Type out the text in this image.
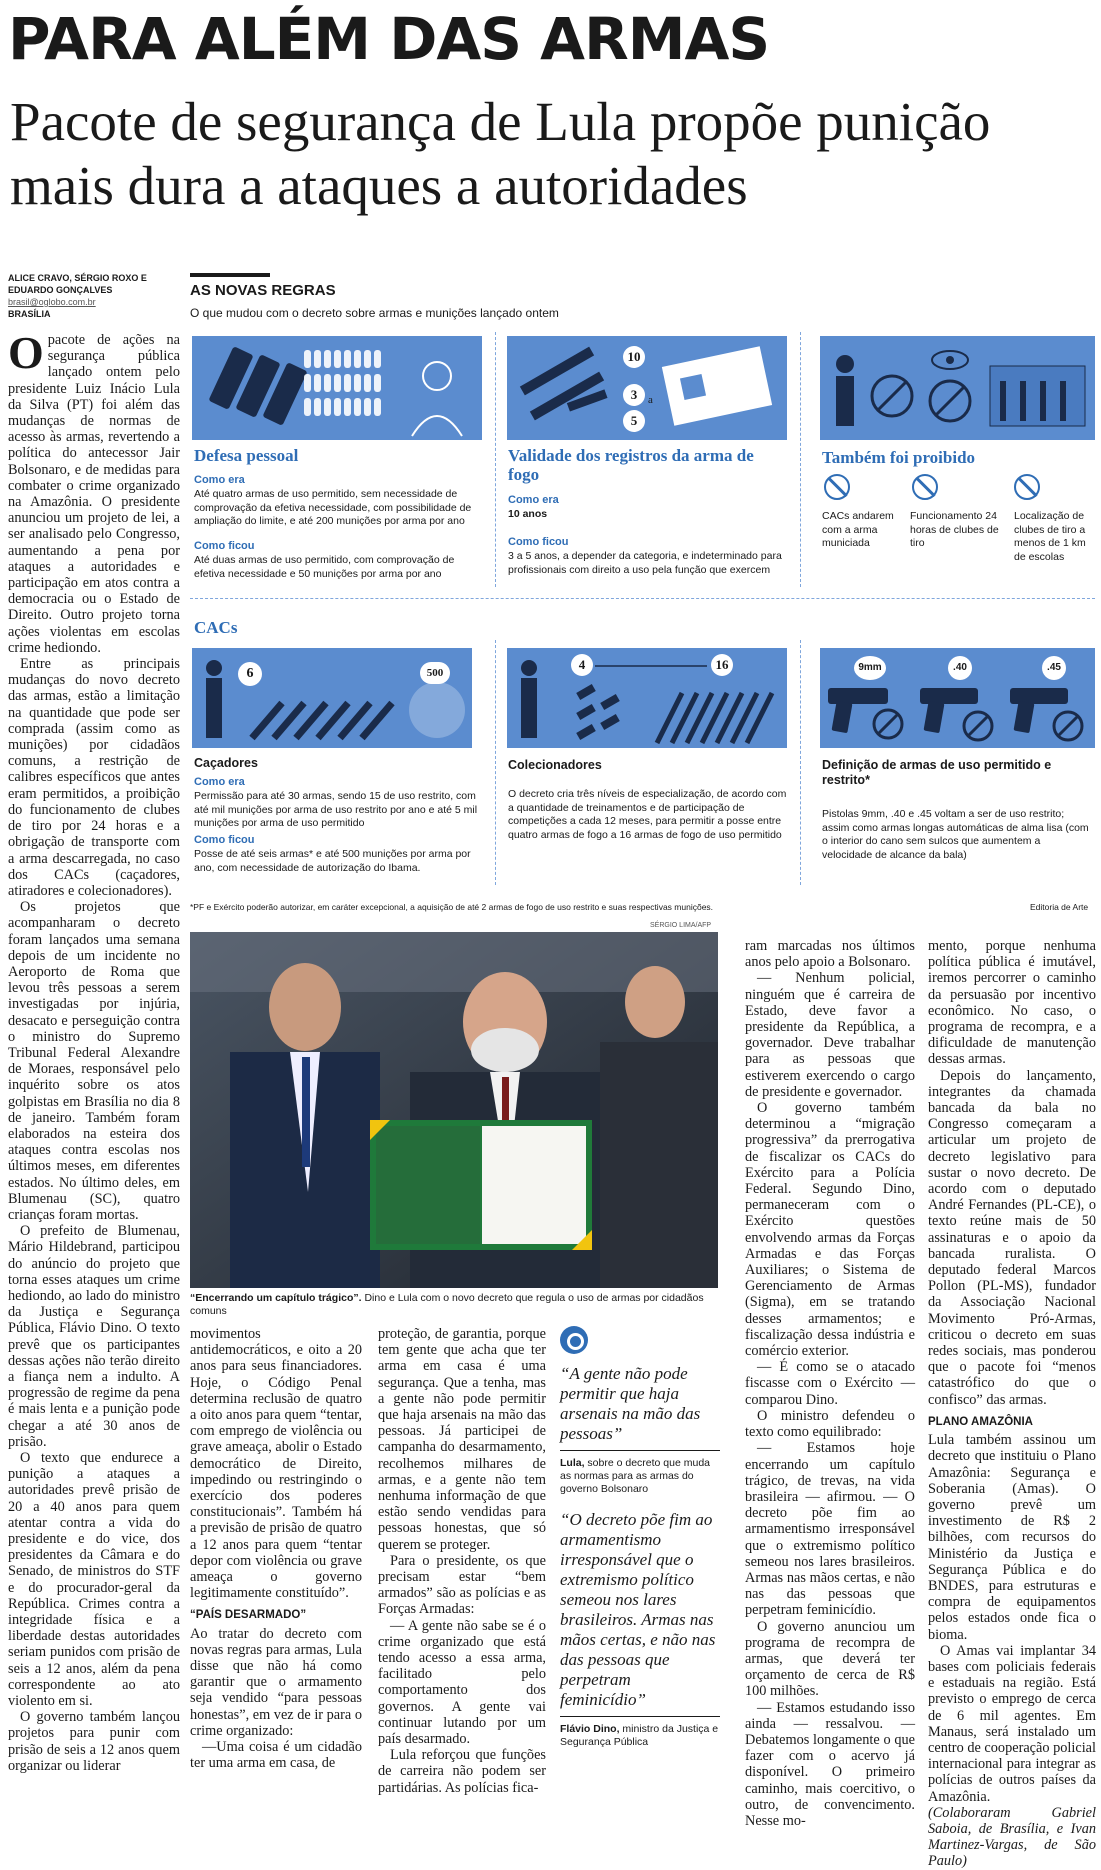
PARA ALÉM DAS ARMAS
Pacote de segurança de Lula propõe punição mais dura a ataques a autoridades
ALICE CRAVO, SÉRGIO ROXO E EDUARDO GONÇALVES
brasil@oglobo.com.br
BRASÍLIA

O pacote de ações na segurança pública lançado ontem pelo presidente Luiz Inácio Lula da Silva (PT) foi além das mudanças de normas de acesso às armas, revertendo a política do antecessor Jair Bolsonaro, e de medidas para combater o crime organizado na Amazônia. O presidente anunciou um projeto de lei, a ser analisado pelo Congresso, aumentando a pena por ataques a autoridades e participação em atos contra a democracia ou o Estado de Direito. Outro projeto torna ações violentas em escolas crime hediondo.

Entre as principais mudanças do novo decreto das armas, estão a limitação na quantidade que pode ser comprada (assim como as munições) por cidadãos comuns, a restrição de calibres específicos que antes eram permitidos, a proibição do funcionamento de clubes de tiro por 24 horas e a obrigação de transporte com a arma descarregada, no caso dos CACs (caçadores, atiradores e colecionadores).

Os projetos que acompanharam o decreto foram lançados uma semana depois de um incidente no Aeroporto de Roma que levou três pessoas a serem investigadas por injúria, desacato e perseguição contra o ministro do Supremo Tribunal Federal Alexandre de Moraes, responsável pelo inquérito sobre os atos golpistas em Brasília no dia 8 de janeiro. Também foram elaborados na esteira dos ataques contra escolas nos últimos meses, em diferentes estados. No último deles, em Blumenau (SC), quatro crianças foram mortas.

O prefeito de Blumenau, Mário Hildebrand, participou do anúncio do projeto que torna esses ataques um crime hediondo, ao lado do ministro da Justiça e Segurança Pública, Flávio Dino. O texto prevê que os participantes dessas ações não terão direito a fiança nem a indulto. A progressão de regime da pena é mais lenta e a punição pode chegar a até 30 anos de prisão.

O texto que endurece a punição a ataques a autoridades prevê prisão de 20 a 40 anos para quem atentar contra a vida do presidente e do vice, dos presidentes da Câmara e do Senado, de ministros do STF e do procurador-geral da República. Crimes contra a integridade física e a liberdade destas autoridades seriam punidos com prisão de seis a 12 anos, além da pena correspondente ao ato violento em si.

O governo também lançou projetos para punir com prisão de seis a 12 anos quem organizar ou liderar

AS NOVAS REGRAS
O que mudou com o decreto sobre armas e munições lançado ontem
Defesa pessoal
Como era
Até quatro armas de uso permitido, sem necessidade de comprovação da efetiva necessidade, com possibilidade de ampliação do limite, e até 200 munições por arma por ano
Como ficou
Até duas armas de uso permitido, com comprovação de efetiva necessidade e 50 munições por arma por ano
10
3 a
5
Validade dos registros da arma de fogo
Como era
10 anos
Como ficou
3 a 5 anos, a depender da categoria, e indeterminado para profissionais com direito a uso pela função que exercem
Também foi proibido
CACs andarem com a arma municiada
Funcionamento 24 horas de clubes de tiro
Localização de clubes de tiro a menos de 1 km de escolas
CACs
6	500
Caçadores
Como era
Permissão para até 30 armas, sendo 15 de uso restrito, com até mil munições por arma de uso restrito por ano e até 5 mil munições por arma de uso permitido
Como ficou
Posse de até seis armas* e até 500 munições por arma por ano, com necessidade de autorização do Ibama.
4	16
Colecionadores
O decreto cria três níveis de especialização, de acordo com a quantidade de treinamentos e de participação de competições a cada 12 meses, para permitir a posse entre quatro armas de fogo a 16 armas de fogo de uso permitido
9mm	.40	.45
Definição de armas de uso permitido e restrito*
Pistolas 9mm, .40 e .45 voltam a ser de uso restrito; assim como armas longas automáticas de alma lisa (com o interior do cano sem sulcos que aumentem a velocidade de alcance da bala)
*PF e Exército poderão autorizar, em caráter excepcional, a aquisição de até 2 armas de fogo de uso restrito e suas respectivas munições.	Editoria de Arte
SÉRGIO LIMA/AFP
“Encerrando um capítulo trágico”. Dino e Lula com o novo decreto que regula o uso de armas por cidadãos comuns

movimentos antidemocráticos, e oito a 20 anos para seus financiadores. Hoje, o Código Penal determina reclusão de quatro a oito anos para quem “tentar, com emprego de violência ou grave ameaça, abolir o Estado democrático de Direito, impedindo ou restringindo o exercício dos poderes constitucionais”. Também há a previsão de prisão de quatro a 12 anos para quem “tentar depor com violência ou grave ameaça o governo legitimamente constituído”.

“PAÍS DESARMADO”

Ao tratar do decreto com novas regras para armas, Lula disse que não há como garantir que o armamento seja vendido “para pessoas honestas”, em vez de ir para o crime organizado:

—Uma coisa é um cidadão ter uma arma em casa, de

proteção, de garantia, porque tem gente que acha que ter arma em casa é uma segurança. Que a tenha, mas a gente não pode permitir que haja arsenais na mão das pessoas. Já participei de campanha do desarmamento, recolhemos milhares de armas, e a gente não tem nenhuma informação de que estão sendo vendidas para pessoas honestas, que só querem se proteger.

Para o presidente, os que precisam estar “bem armados” são as polícias e as Forças Armadas:

— A gente não sabe se é o crime organizado que está tendo acesso a essa arma, facilitado pelo comportamento dos governos. A gente vai continuar lutando por um país desarmado.

Lula reforçou que funções de carreira não podem ser partidárias. As polícias fica-

“A gente não pode permitir que haja arsenais na mão das pessoas”

Lula, sobre o decreto que muda as normas para as armas do governo Bolsonaro

“O decreto põe fim ao armamentismo irresponsável que o extremismo político semeou nos lares brasileiros. Armas nas mãos certas, e não nas das pessoas que perpetram feminicídio”

Flávio Dino, ministro da Justiça e Segurança Pública

ram marcadas nos últimos anos pelo apoio a Bolsonaro.

— Nenhum policial, ninguém que é carreira de Estado, deve favor a presidente da República, a governador. Deve trabalhar para as pessoas que estiverem exercendo o cargo de presidente e governador.

O governo também determinou a “migração progressiva” da prerrogativa de fiscalizar os CACs do Exército para a Polícia Federal. Segundo Dino, permaneceram com o Exército questões envolvendo armas da Forças Armadas e das Forças Auxiliares; o Sistema de Gerenciamento de Armas (Sigma), em se tratando desses armamentos; e fiscalização dessa indústria e comércio exterior.

— É como se o atacado fiscasse com o Exército — comparou Dino.

O ministro defendeu o texto como equilibrado:

— Estamos hoje encerrando um capítulo trágico, de trevas, na vida brasileira — afirmou. — O decreto põe fim ao armamentismo irresponsável que o extremismo político semeou nos lares brasileiros. Armas nas mãos certas, e não nas das pessoas que perpetram feminicídio.

O governo anunciou um programa de recompra de armas, que deverá ter orçamento de cerca de R$ 100 milhões.

— Estamos estudando isso ainda — ressalvou. — Debatemos longamente o que fazer com o acervo já disponível. O primeiro caminho, mais coercitivo, o outro, de convencimento. Nesse mo-

mento, porque nenhuma política pública é imutável, iremos percorrer o caminho da persuasão por incentivo econômico. No caso, o programa de recompra, e a dificuldade de manutenção dessas armas.

Depois do lançamento, integrantes da chamada bancada da bala no Congresso começaram a articular um projeto de decreto legislativo para sustar o novo decreto. De acordo com o deputado André Fernandes (PL-CE), o texto reúne mais de 50 assinaturas e o apoio da bancada ruralista. O deputado federal Marcos Pollon (PL-MS), fundador da Associação Nacional Movimento Pró-Armas, criticou o decreto em suas redes sociais, mas ponderou que o pacote foi “menos catastrófico do que o confisco” das armas.

PLANO AMAZÔNIA

Lula também assinou um decreto que instituiu o Plano Amazônia: Segurança e Soberania (Amas). O governo prevê um investimento de R$ 2 bilhões, com recursos do Ministério da Justiça e Segurança Pública e do BNDES, para estruturas e compra de equipamentos pelos estados onde fica o bioma.

O Amas vai implantar 34 bases com policiais federais e estaduais na região. Está previsto o emprego de cerca de 6 mil agentes. Em Manaus, será instalado um centro de cooperação policial internacional para integrar as polícias de outros países da Amazônia.

(Colaboraram Gabriel Saboia, de Brasília, e Ivan Martinez-Vargas, de São Paulo)
